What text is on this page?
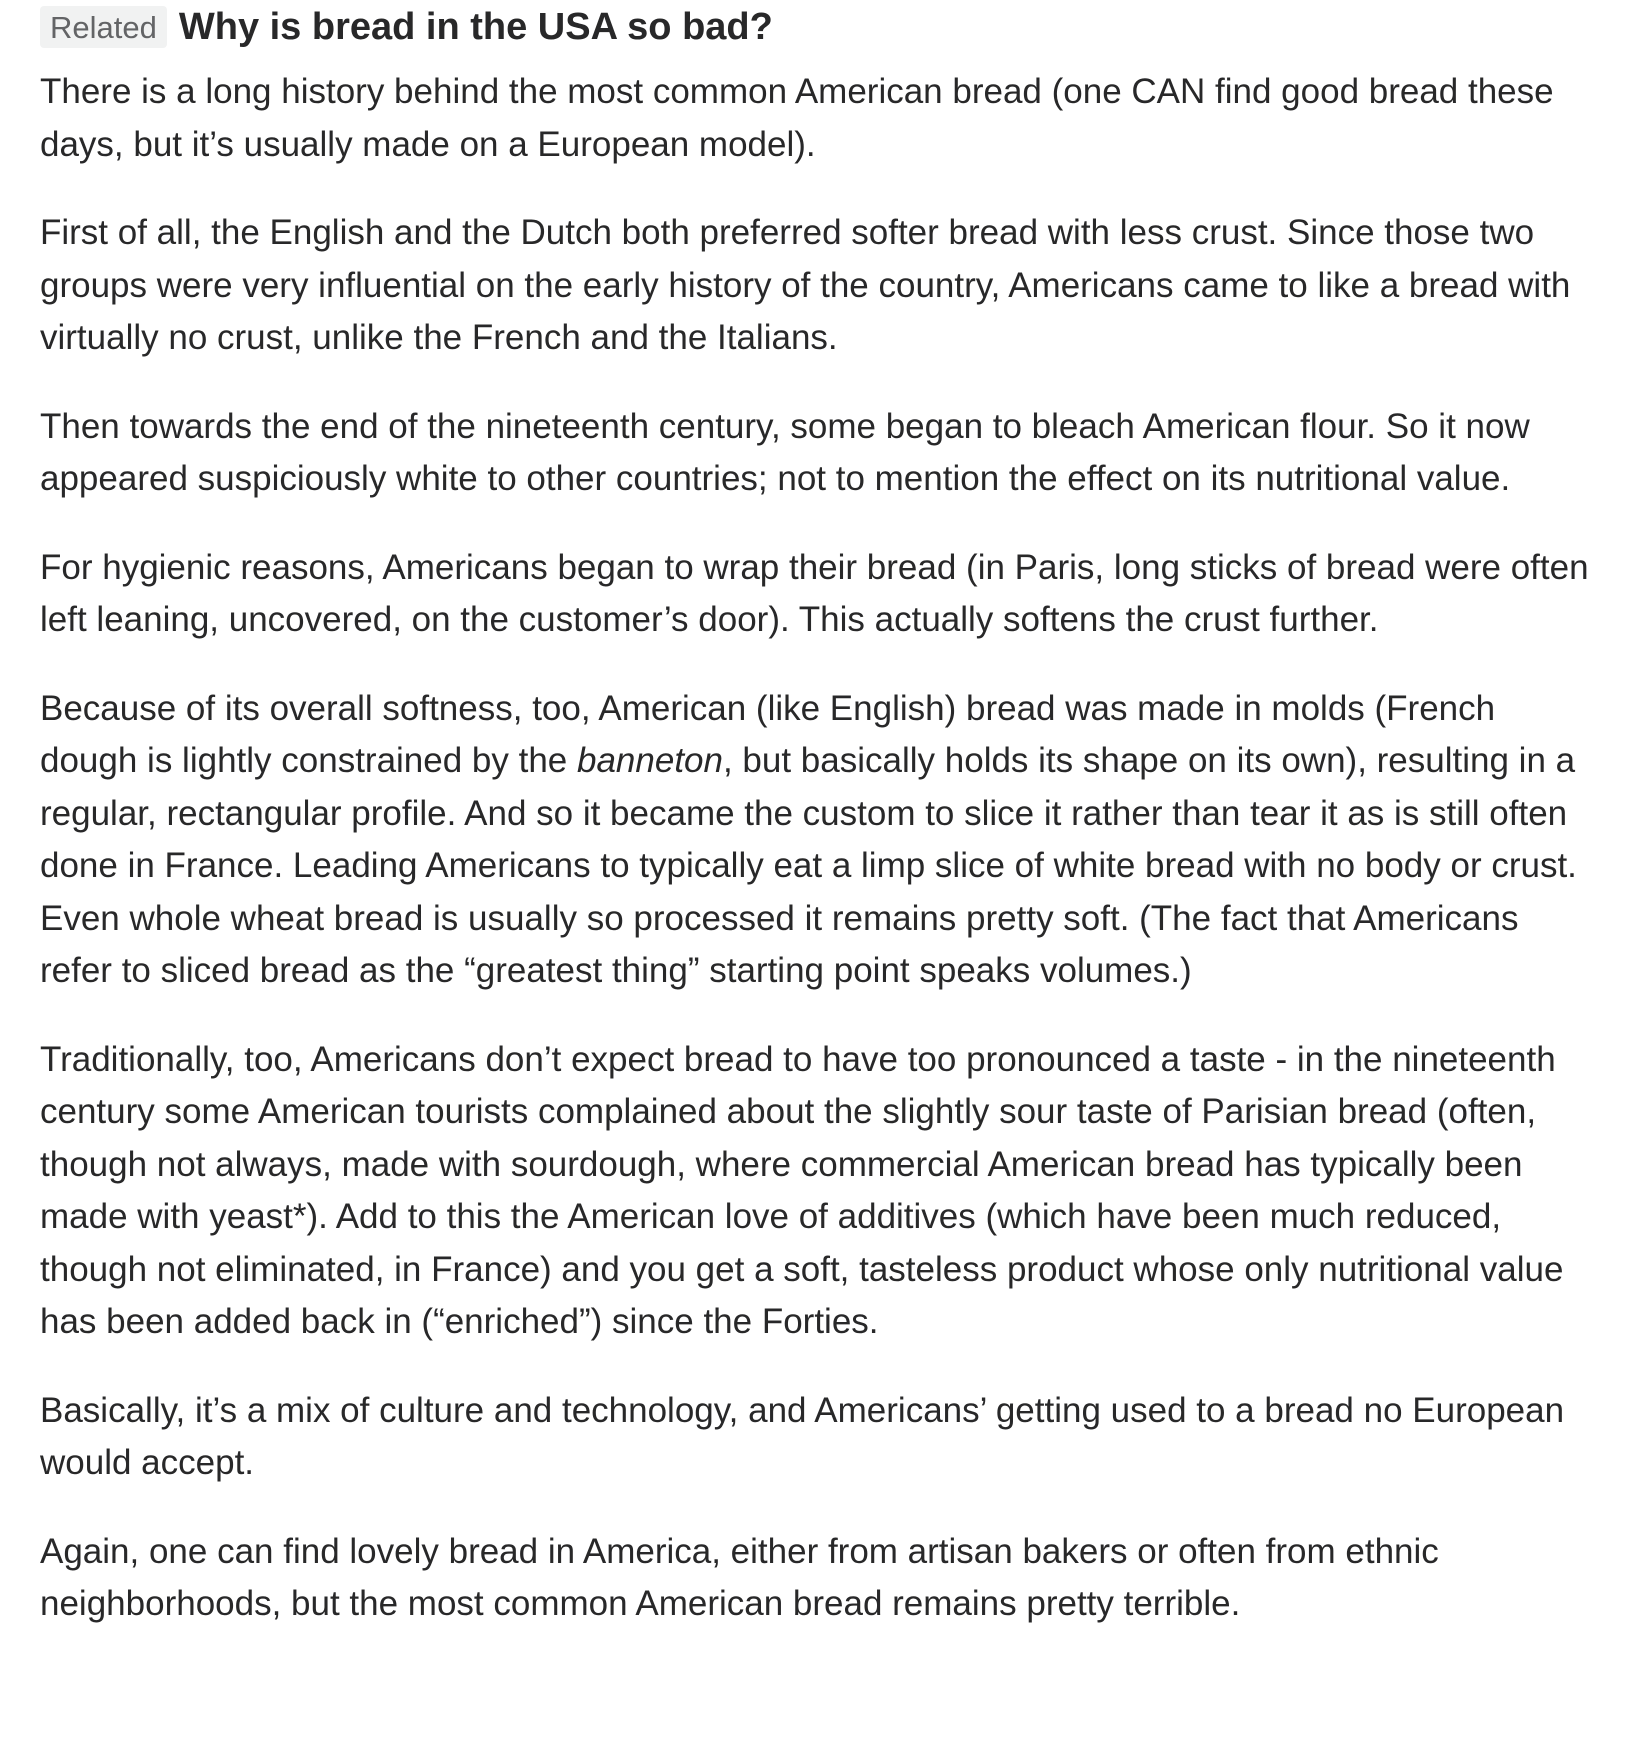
Related Why is bread in the USA so bad?

There is a long history behind the most common American bread (one CAN find good bread these days, but it’s usually made on a European model).

First of all, the English and the Dutch both preferred softer bread with less crust. Since those two groups were very influential on the early history of the country, Americans came to like a bread with virtually no crust, unlike the French and the Italians.

Then towards the end of the nineteenth century, some began to bleach American flour. So it now appeared suspiciously white to other countries; not to mention the effect on its nutritional value.

For hygienic reasons, Americans began to wrap their bread (in Paris, long sticks of bread were often left leaning, uncovered, on the customer’s door). This actually softens the crust further.

Because of its overall softness, too, American (like English) bread was made in molds (French dough is lightly constrained by the banneton, but basically holds its shape on its own), resulting in a regular, rectangular profile. And so it became the custom to slice it rather than tear it as is still often done in France. Leading Americans to typically eat a limp slice of white bread with no body or crust. Even whole wheat bread is usually so processed it remains pretty soft. (The fact that Americans refer to sliced bread as the “greatest thing” starting point speaks volumes.)

Traditionally, too, Americans don’t expect bread to have too pronounced a taste - in the nineteenth century some American tourists complained about the slightly sour taste of Parisian bread (often, though not always, made with sourdough, where commercial American bread has typically been made with yeast*). Add to this the American love of additives (which have been much reduced, though not eliminated, in France) and you get a soft, tasteless product whose only nutritional value has been added back in (“enriched”) since the Forties.

Basically, it’s a mix of culture and technology, and Americans’ getting used to a bread no European would accept.

Again, one can find lovely bread in America, either from artisan bakers or often from ethnic neighborhoods, but the most common American bread remains pretty terrible.
